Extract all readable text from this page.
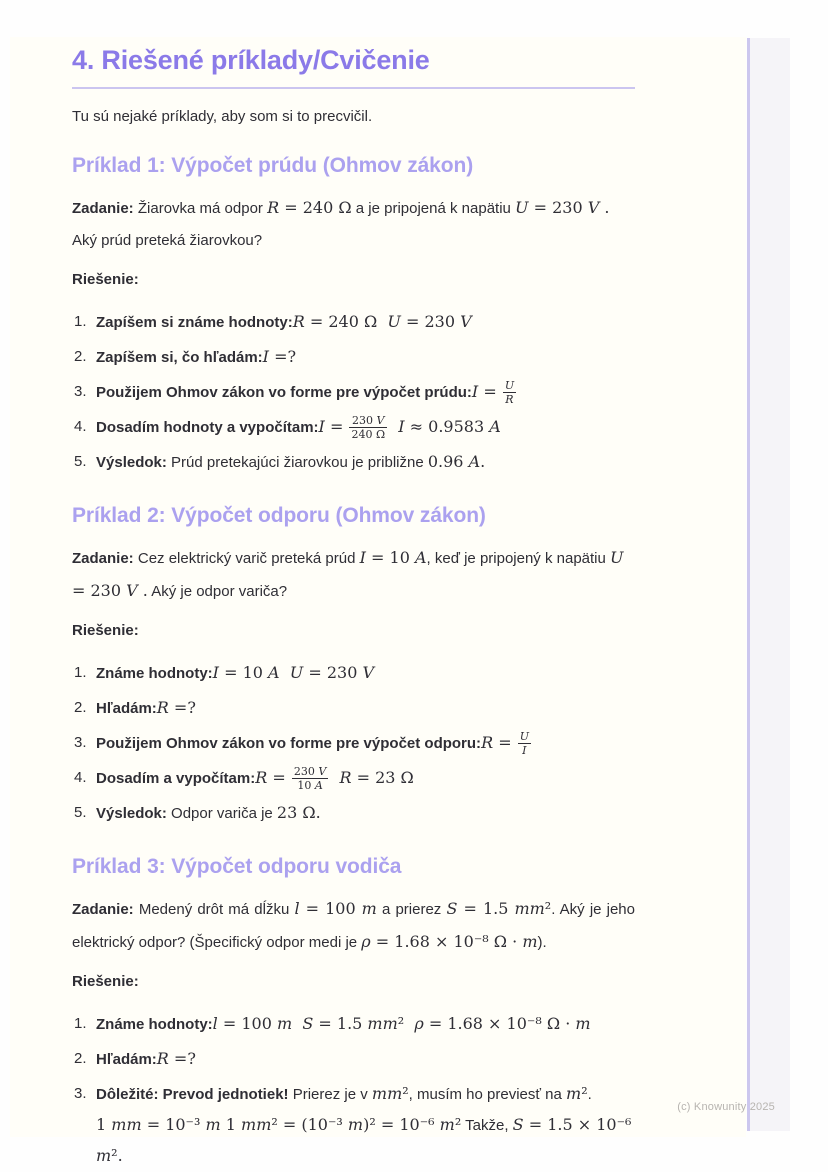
4. Riešené príklady/Cvičenie

Tu sú nejaké príklady, aby som si to precvičil.

Príklad 1: Výpočet prúdu (Ohmov zákon)

Zadanie: Žiarovka má odpor R = 240 Ω a je pripojená k napätiu U = 230 V . Aký prúd preteká žiarovkou?

Riešenie:

1. Zapíšem si známe hodnoty:R = 240 Ω  U = 230 V
2. Zapíšem si, čo hľadám:I =?
3. Použijem Ohmov zákon vo forme pre výpočet prúdu:I = $\frac{U}{R}$
4. Dosadím hodnoty a vypočítam:I = $\frac{230 V}{240 \Omega}$ I ≈ 0.9583 A
5. Výsledok: Prúd pretekajúci žiarovkou je približne 0.96 A.
Príklad 2: Výpočet odporu (Ohmov zákon)

Zadanie: Cez elektrický varič preteká prúd I = 10 A, keď je pripojený k napätiu U = 230 V . Aký je odpor variča?

Riešenie:

1. Známe hodnoty:I = 10 A U = 230 V
2. Hľadám:R =?
3. Použijem Ohmov zákon vo forme pre výpočet odporu:R = $\frac{U}{I}$
4. Dosadím a vypočítam:R = $\frac{230 V}{10 A}$ R = 23 Ω
5. Výsledok: Odpor variča je 23 Ω.
Príklad 3: Výpočet odporu vodiča

Zadanie: Medený drôt má dĺžku l = 100 m a prierez S = 1.5 mm². Aký je jeho elektrický odpor? (Špecifický odpor medi je ρ = 1.68 × 10⁻⁸ Ω · m).

Riešenie:

1. Známe hodnoty:l = 100 m S = 1.5 mm²  ρ = 1.68 × 10⁻⁸ Ω · m
2. Hľadám:R =?
3. Dôležité: Prevod jednotiek! Prierez je v mm², musím ho previesť na m².
1 mm = 10⁻³ m 1 mm² = (10⁻³ m)² = 10⁻⁶ m² Takže, S = 1.5 × 10⁻⁶ m².
(c) Knowunity 2025
